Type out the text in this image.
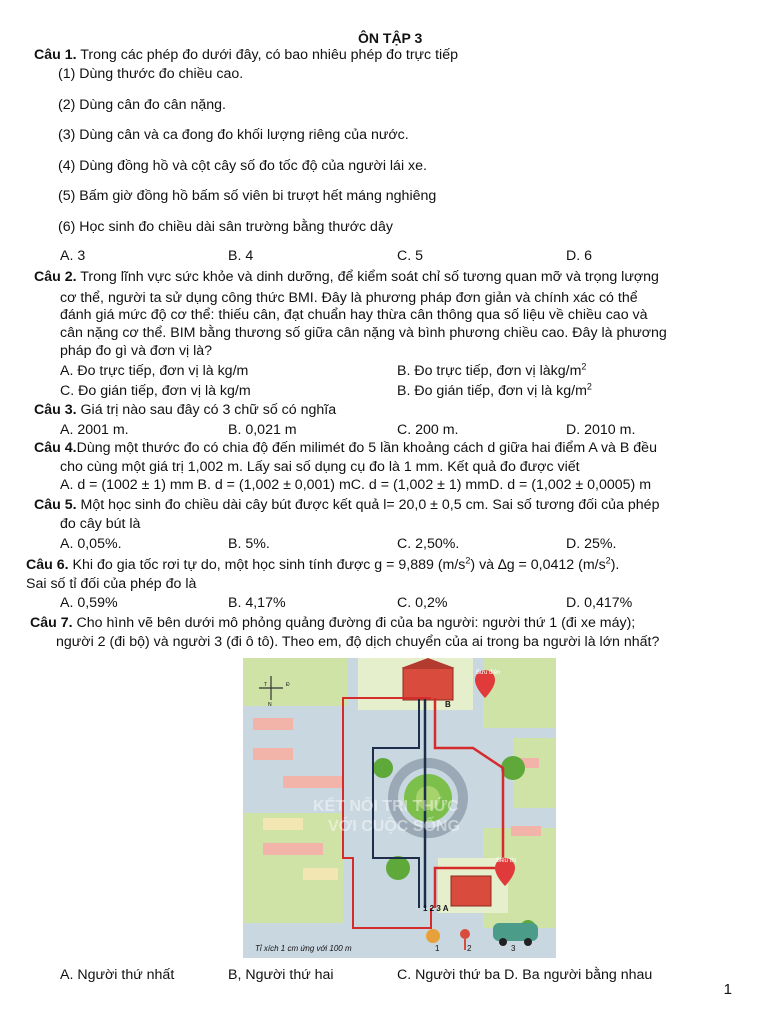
ÔN TẬP 3
Câu 1. Trong các phép đo dưới đây, có bao nhiêu phép đo trực tiếp
(1) Dùng thước đo chiều cao.
(2) Dùng cân đo cân nặng.
(3) Dùng cân và ca đong đo khối lượng riêng của nước.
(4) Dùng đồng hồ và cột cây số đo tốc độ của người lái xe.
(5) Bấm giờ đồng hồ bấm số viên bi trượt hết máng nghiêng
(6) Học sinh đo chiều dài sân trường bằng thước dây
A. 3	B. 4	C. 5	D. 6
Câu 2. Trong lĩnh vực sức khỏe và dinh dưỡng, để kiểm soát chỉ số tương quan mỡ và trọng lượng
cơ thể, người ta sử dụng công thức BMI. Đây là phương pháp đơn giản và chính xác có thể
đánh giá mức độ cơ thể: thiếu cân, đạt chuẩn hay thừa cân thông qua số liệu về chiều cao và
cân nặng cơ thể. BIM bằng thương số giữa cân nặng và bình phương chiều cao. Đây là phương
pháp đo gì và đơn vị là?
A. Đo trực tiếp, đơn vị là kg/m	B. Đo trực tiếp, đơn vị làkg/$m^2$
C. Đo gián tiếp, đơn vị là kg/m	B. Đo gián tiếp, đơn vị là $kg/m^2$
Câu 3. Giá trị nào sau đây có 3 chữ số có nghĩa
A. 2001 m.	B. 0,021 m	C. 200 m.	D. 2010 m.
Câu 4.Dùng một thước đo có chia độ đến milimét đo 5 lần khoảng cách d giữa hai điểm A và B đều
cho cùng một giá trị 1,002 m. Lấy sai số dụng cụ đo là 1 mm. Kết quả đo được viết
A. d = (1002 ± 1) mm B. d = (1,002 ± 0,001) mC. d = (1,002 ± 1) mmD. d = (1,002 ± 0,0005) m
Câu 5. Một học sinh đo chiều dài cây bút được kết quả l= 20,0 ± 0,5 cm. Sai số tương đối của phép
đo cây bút là
A. 0,05%.	B. 5%.	C. 2,50%.	D. 25%.
Câu 6. Khi đo gia tốc rơi tự do, một học sinh tính được g = 9,889 $(m/s^2)$ và ∆g = 0,0412 $(m/s^2)$.
Sai số tỉ đối của phép đo là
A. 0,59%	B. 4,17%	C. 0,2%	D. 0,417%
Câu 7. Cho hình vẽ bên dưới mô phỏng quảng đường đi của ba người: người thứ 1 (đi xe máy);
người 2 (đi bộ) và người 3 (đi ô tô). Theo em, độ dịch chuyển của ai trong ba người là lớn nhất?
T	Đ
N
Bưu điện
Siêu thị
B
1 2 3 A
Tỉ xích 1 cm ứng với 100 m	1	2	3
KẾT NỐI TRI THỨC
VỚI CUỘC SỐNG
A. Người thứ nhất	B, Người thứ hai	C. Người thứ ba D. Ba người bằng nhau
1
